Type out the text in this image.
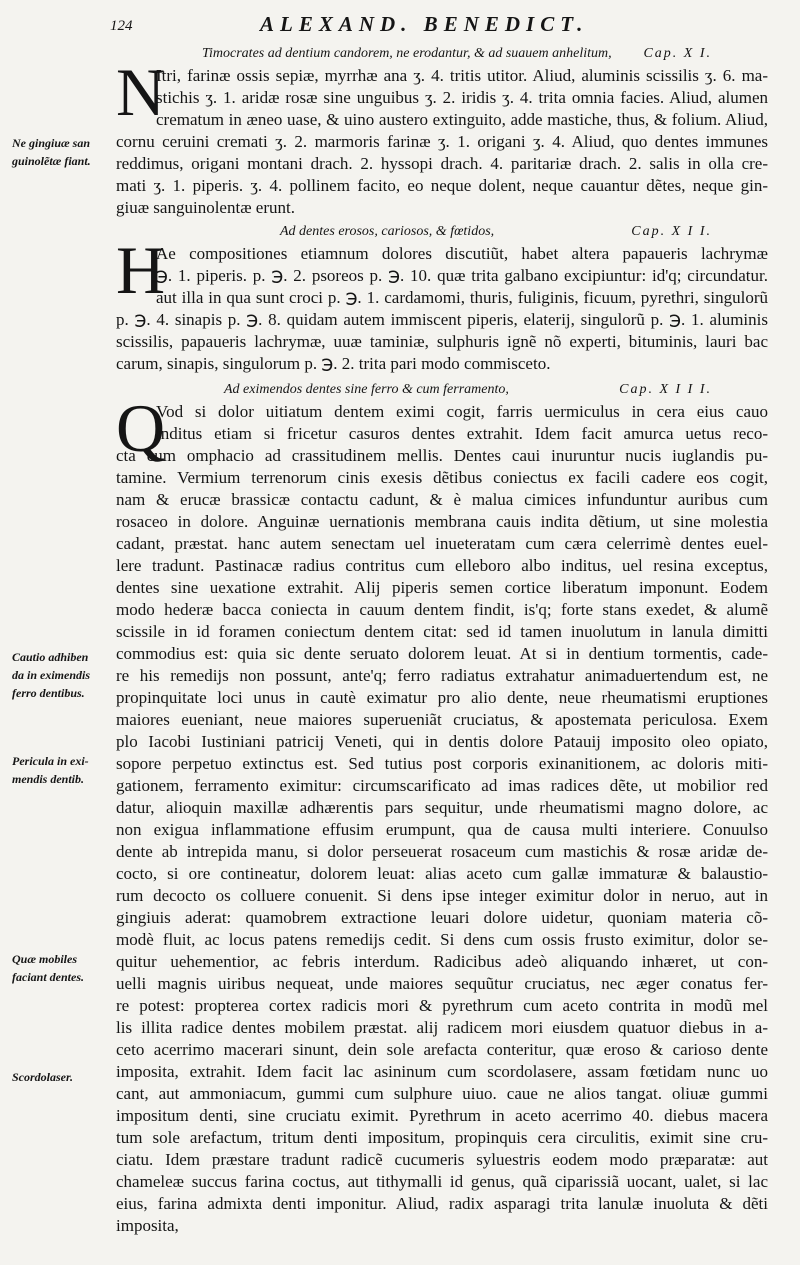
124	ALEXAND. BENEDICT.
Timocrates ad dentium candorem, ne erodantur, & ad suauem anhelitum, Cap. X I.
N
Itri, farinæ ossis sepiæ, myrrhæ ana ʒ. 4. tritis utitor. Aliud, aluminis scissilis ʒ. 6. ma-
stichis ʒ. 1. aridæ rosæ sine unguibus ʒ. 2. iridis ʒ. 4. trita omnia facies. Aliud, alumen
crematum in æneo uase, & uino austero extinguito, adde mastiche, thus, & folium. Aliud,
cornu ceruini cremati ʒ. 2. marmoris farinæ ʒ. 1. origani ʒ. 4. Aliud, quo dentes immunes
reddimus, origani montani drach. 2. hyssopi drach. 4. paritariæ drach. 2. salis in olla cre-
mati ʒ. 1. piperis. ʒ. 4. pollinem facito, eo neque dolent, neque cauantur dẽtes, neque gin-
giuæ sanguinolentæ erunt.
Ad dentes erosos, cariosos, & fœtidos,	Cap. X I I.
H
Ae compositiones etiamnum dolores discutiũt, habet altera papaueris lachrymæ
℈. 1. piperis. p. ℈. 2. psoreos p. ℈. 10. quæ trita galbano excipiuntur: id'q; circundatur.
aut illa in qua sunt croci p. ℈. 1. cardamomi, thuris, fuliginis, ficuum, pyrethri, singulorũ
p. ℈. 4. sinapis p. ℈. 8. quidam autem immiscent piperis, elaterij, singulorũ p. ℈. 1. aluminis
scissilis, papaueris lachrymæ, uuæ taminiæ, sulphuris ignẽ nõ experti, bituminis, lauri bac
carum, sinapis, singulorum p. ℈. 2. trita pari modo commisceto.
Ad eximendos dentes sine ferro & cum ferramento,	Cap. X I I I.
Q
Vod si dolor uitiatum dentem eximi cogit, farris uermiculus in cera eius cauo
inditus etiam si fricetur casuros dentes extrahit. Idem facit amurca uetus reco-
cta cum omphacio ad crassitudinem mellis. Dentes caui inuruntur nucis iuglandis pu-
tamine. Vermium terrenorum cinis exesis dẽtibus coniectus ex facili cadere eos cogit,
nam & erucæ brassicæ contactu cadunt, & è malua cimices infunduntur auribus cum
rosaceo in dolore. Anguinæ uernationis membrana cauis indita dẽtium, ut sine molestia
cadant, præstat. hanc autem senectam uel inueteratam cum cæra celerrimè dentes euel-
lere tradunt. Pastinacæ radius contritus cum elleboro albo inditus, uel resina exceptus,
dentes sine uexatione extrahit. Alij piperis semen cortice liberatum imponunt. Eodem
modo hederæ bacca coniecta in cauum dentem findit, is'q; forte stans exedet, & alumẽ
scissile in id foramen coniectum dentem citat: sed id tamen inuolutum in lanula dimitti
commodius est: quia sic dente seruato dolorem leuat. At si in dentium tormentis, cade-
re his remedijs non possunt, ante'q; ferro radiatus extrahatur animaduertendum est, ne
propinquitate loci unus in cautè eximatur pro alio dente, neue rheumatismi eruptiones
maiores eueniant, neue maiores superueniãt cruciatus, & apostemata periculosa. Exem
plo Iacobi Iustiniani patricij Veneti, qui in dentis dolore Patauij imposito oleo opiato,
sopore perpetuo extinctus est. Sed tutius post corporis exinanitionem, ac doloris miti-
gationem, ferramento eximitur: circumscarificato ad imas radices dẽte, ut mobilior red
datur, alioquin maxillæ adhærentis pars sequitur, unde rheumatismi magno dolore, ac
non exigua inflammatione effusim erumpunt, qua de causa multi interiere. Conuulso
dente ab intrepida manu, si dolor perseuerat rosaceum cum mastichis & rosæ aridæ de-
cocto, si ore contineatur, dolorem leuat: alias aceto cum gallæ immaturæ & balaustio-
rum decocto os colluere conuenit. Si dens ipse integer eximitur dolor in neruo, aut in
gingiuis aderat: quamobrem extractione leuari dolore uidetur, quoniam materia cõ-
modè fluit, ac locus patens remedijs cedit. Si dens cum ossis frusto eximitur, dolor se-
quitur uehementior, ac febris interdum. Radicibus adeò aliquando inhæret, ut con-
uelli magnis uiribus nequeat, unde maiores sequũtur cruciatus, nec æger conatus fer-
re potest: propterea cortex radicis mori & pyrethrum cum aceto contrita in modũ mel
lis illita radice dentes mobilem præstat. alij radicem mori eiusdem quatuor diebus in a-
ceto acerrimo macerari sinunt, dein sole arefacta conteritur, quæ eroso & carioso dente
imposita, extrahit. Idem facit lac asininum cum scordolasere, assam fœtidam nunc uo
cant, aut ammoniacum, gummi cum sulphure uiuo. caue ne alios tangat. oliuæ gummi
impositum denti, sine cruciatu eximit. Pyrethrum in aceto acerrimo 40. diebus macera
tum sole arefactum, tritum denti impositum, propinquis cera circulitis, eximit sine cru-
ciatu. Idem præstare tradunt radicẽ cucumeris syluestris eodem modo præparatæ: aut
chameleæ succus farina coctus, aut tithymalli id genus, quã ciparissiã uocant, ualet, si lac
eius, farina admixta denti imponitur. Aliud, radix asparagi trita lanulæ inuoluta & dẽti
imposita,
Ne gingiuæ san
guinolẽtæ fiant.
Cautio adhiben
da in eximendis
ferro dentibus.
Pericula in exi-
mendis dentib.
Quæ mobiles
faciant dentes.
Scordolaser.
